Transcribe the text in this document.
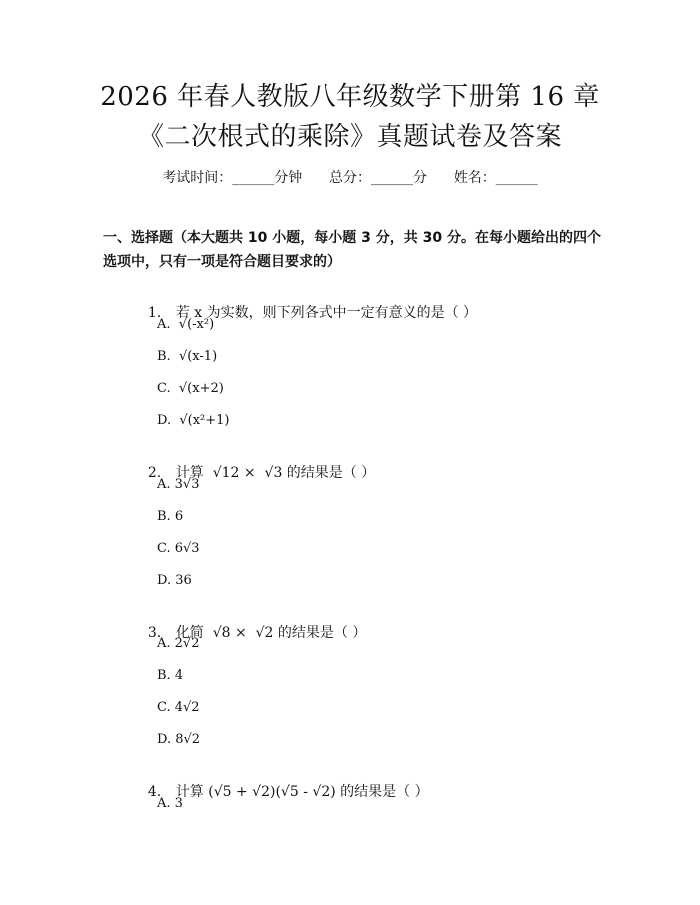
2026 年春人教版八年级数学下册第 16 章
《二次根式的乘除》真题试卷及答案
考试时间：______分钟      总分：______分      姓名：______
一、选择题（本大题共 10 小题，每小题 3 分，共 30 分。在每小题给出的四个选项中，只有一项是符合题目要求的）

1. 若 x 为实数，则下列各式中一定有意义的是（ ）

A.  √(-x²)
B.  √(x-1)
C.  √(x+2)
D.  √(x²+1)

2. 计算  √12 ×  √3 的结果是（ ）

A. 3√3
B. 6
C. 6√3
D. 36

3. 化简  √8 ×  √2 的结果是（ ）

A. 2√2
B. 4
C. 4√2
D. 8√2

4. 计算 (√5 + √2)(√5 - √2) 的结果是（ ）

A. 3
